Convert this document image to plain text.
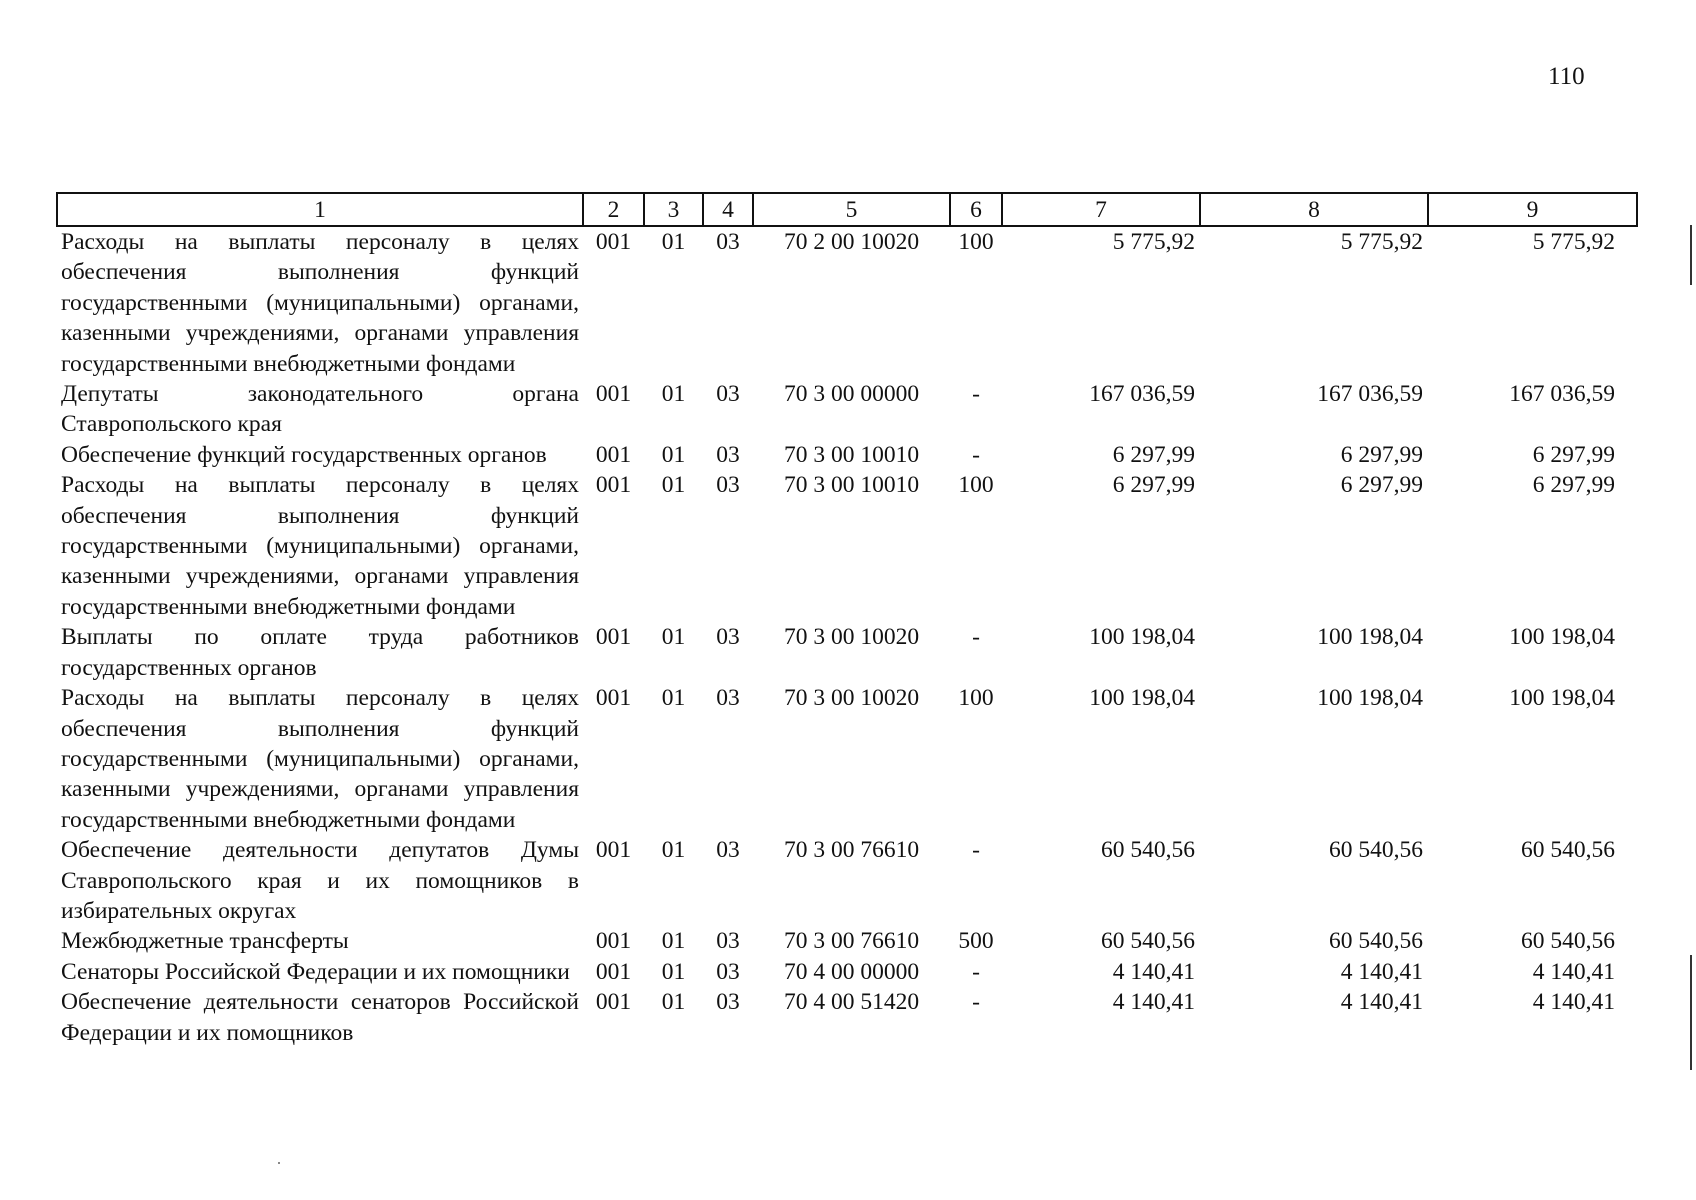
110
1	2	3	4	5	6	7	8	9
Расходы на выплаты персоналу в целях обеспечения выполнения функций государственными (муниципальными) органами, казенными учреждениями, органами управления государственными внебюджетными фондами	001	01	03	70 2 00 10020	100	5 775,92	5 775,92	5 775,92
Депутаты законодательного органа Ставропольского края	001	01	03	70 3 00 00000	-	167 036,59	167 036,59	167 036,59
Обеспечение функций государственных органов	001	01	03	70 3 00 10010	-	6 297,99	6 297,99	6 297,99
Расходы на выплаты персоналу в целях обеспечения выполнения функций государственными (муниципальными) органами, казенными учреждениями, органами управления государственными внебюджетными фондами	001	01	03	70 3 00 10010	100	6 297,99	6 297,99	6 297,99
Выплаты по оплате труда работников государственных органов	001	01	03	70 3 00 10020	-	100 198,04	100 198,04	100 198,04
Расходы на выплаты персоналу в целях обеспечения выполнения функций государственными (муниципальными) органами, казенными учреждениями, органами управления государственными внебюджетными фондами	001	01	03	70 3 00 10020	100	100 198,04	100 198,04	100 198,04
Обеспечение деятельности депутатов Думы Ставропольского края и их помощников в избирательных округах	001	01	03	70 3 00 76610	-	60 540,56	60 540,56	60 540,56
Межбюджетные трансферты	001	01	03	70 3 00 76610	500	60 540,56	60 540,56	60 540,56
Сенаторы Российской Федерации и их помощники	001	01	03	70 4 00 00000	-	4 140,41	4 140,41	4 140,41
Обеспечение деятельности сенаторов Российской Федерации и их помощников	001	01	03	70 4 00 51420	-	4 140,41	4 140,41	4 140,41
